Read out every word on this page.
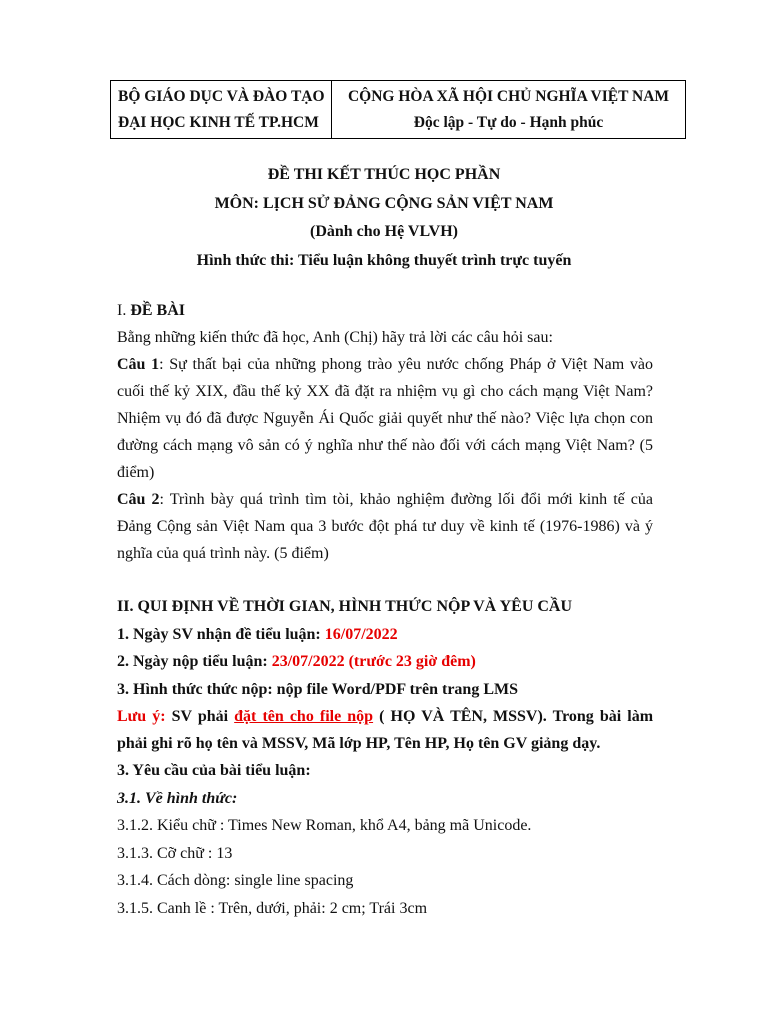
BỘ GIÁO DỤC VÀ ĐÀO TẠO
ĐẠI HỌC KINH TẾ TP.HCM
CỘNG HÒA XÃ HỘI CHỦ NGHĨA VIỆT NAM
Độc lập - Tự do - Hạnh phúc
ĐỀ THI KẾT THÚC HỌC PHẦN
MÔN: LỊCH SỬ ĐẢNG CỘNG SẢN VIỆT NAM
(Dành cho Hệ VLVH)
Hình thức thi: Tiểu luận không thuyết trình trực tuyến
I. ĐỀ BÀI
Bằng những kiến thức đã học, Anh (Chị) hãy trả lời các câu hỏi sau:
Câu 1: Sự thất bại của những phong trào yêu nước chống Pháp ở Việt Nam vào cuối thế kỷ XIX, đầu thế kỷ XX đã đặt ra nhiệm vụ gì cho cách mạng Việt Nam? Nhiệm vụ đó đã được Nguyễn Ái Quốc giải quyết như thế nào? Việc lựa chọn con đường cách mạng vô sản có ý nghĩa như thế nào đối với cách mạng Việt Nam? (5 điểm)
Câu 2: Trình bày quá trình tìm tòi, khảo nghiệm đường lối đổi mới kinh tế của Đảng Cộng sản Việt Nam qua 3 bước đột phá tư duy về kinh tế (1976-1986) và ý nghĩa của quá trình này. (5 điểm)
II. QUI ĐỊNH VỀ THỜI GIAN, HÌNH THỨC NỘP VÀ YÊU CẦU
1. Ngày SV nhận đề tiểu luận: 16/07/2022
2. Ngày nộp tiểu luận: 23/07/2022 (trước 23 giờ đêm)
3. Hình thức thức nộp: nộp file Word/PDF trên trang LMS
Lưu ý: SV phải đặt tên cho file nộp ( HỌ VÀ TÊN, MSSV). Trong bài làm phải ghi rõ họ tên và MSSV, Mã lớp HP, Tên HP, Họ tên GV giảng dạy.
3. Yêu cầu của bài tiểu luận:
3.1. Về hình thức:
3.1.2. Kiểu chữ : Times New Roman, khổ A4, bảng mã Unicode.
3.1.3. Cỡ chữ : 13
3.1.4. Cách dòng: single line spacing
3.1.5. Canh lề : Trên, dưới, phải: 2 cm; Trái 3cm
